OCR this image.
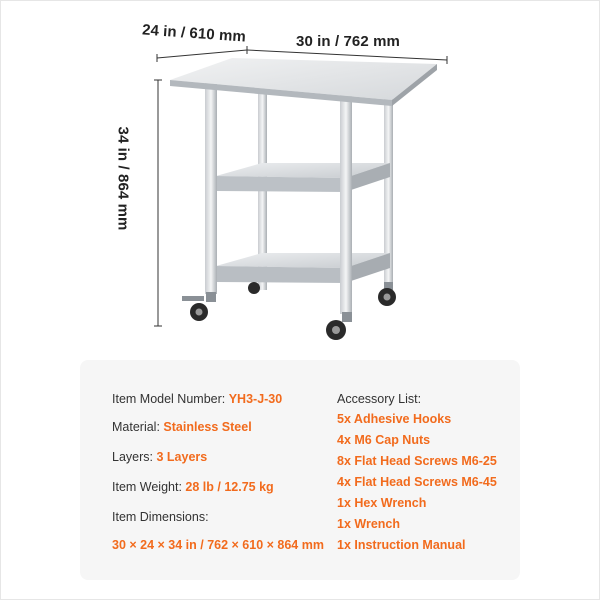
24 in / 610 mm	30 in / 762 mm
34 in / 864 mm
Item Model Number: YH3-J-30
Material: Stainless Steel
Layers: 3 Layers
Item Weight: 28 lb / 12.75 kg
Item Dimensions:
30 × 24 × 34 in / 762 × 610 × 864 mm
Accessory List:
5x Adhesive Hooks
4x M6 Cap Nuts
8x Flat Head Screws M6-25
4x Flat Head Screws M6-45
1x Hex Wrench
1x Wrench
1x Instruction Manual
